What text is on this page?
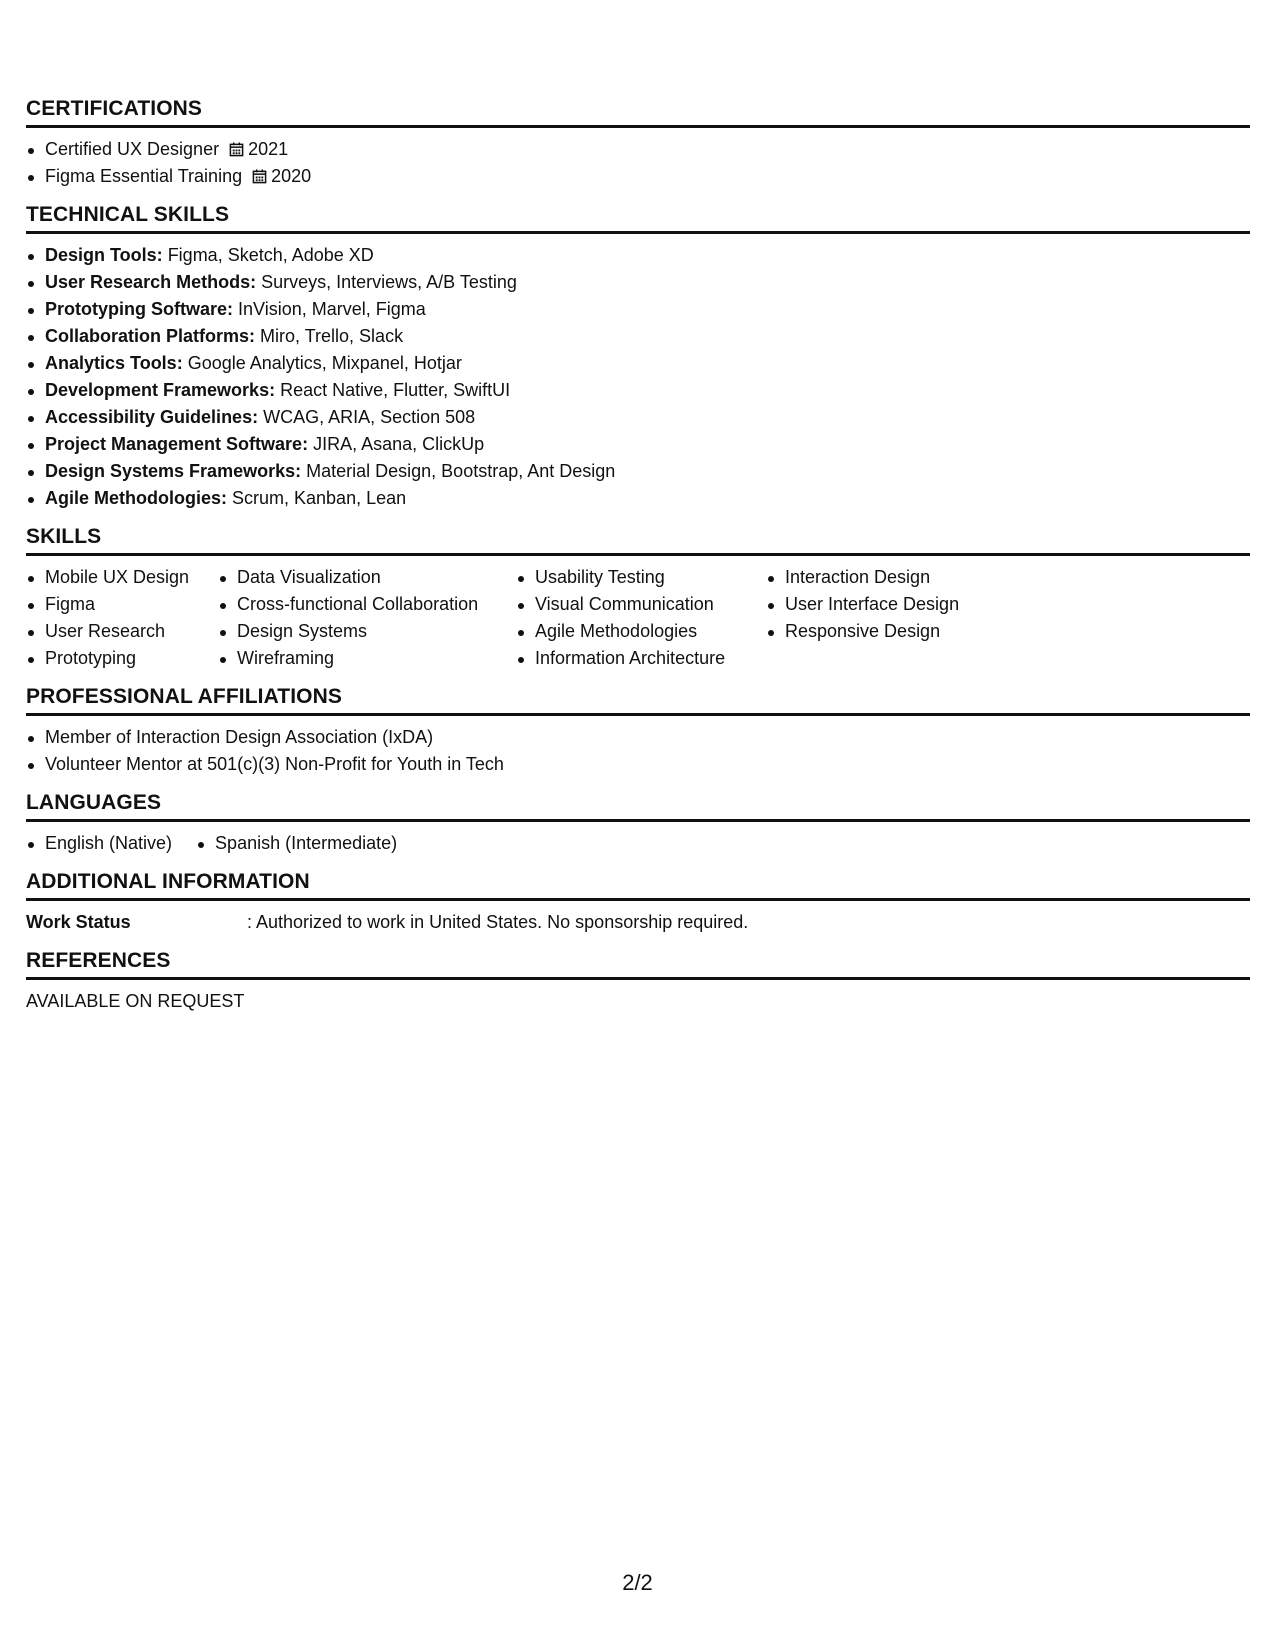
CERTIFICATIONS
Certified UX Designer 2021
Figma Essential Training 2020
TECHNICAL SKILLS
Design Tools: Figma, Sketch, Adobe XD
User Research Methods: Surveys, Interviews, A/B Testing
Prototyping Software: InVision, Marvel, Figma
Collaboration Platforms: Miro, Trello, Slack
Analytics Tools: Google Analytics, Mixpanel, Hotjar
Development Frameworks: React Native, Flutter, SwiftUI
Accessibility Guidelines: WCAG, ARIA, Section 508
Project Management Software: JIRA, Asana, ClickUp
Design Systems Frameworks: Material Design, Bootstrap, Ant Design
Agile Methodologies: Scrum, Kanban, Lean
SKILLS
Mobile UX Design
Figma
User Research
Prototyping
Data Visualization
Cross-functional Collaboration
Design Systems
Wireframing
Usability Testing
Visual Communication
Agile Methodologies
Information Architecture
Interaction Design
User Interface Design
Responsive Design
PROFESSIONAL AFFILIATIONS
Member of Interaction Design Association (IxDA)
Volunteer Mentor at 501(c)(3) Non-Profit for Youth in Tech
LANGUAGES
English (Native)	Spanish (Intermediate)
ADDITIONAL INFORMATION
Work Status	: Authorized to work in United States. No sponsorship required.
REFERENCES
AVAILABLE ON REQUEST
2/2
